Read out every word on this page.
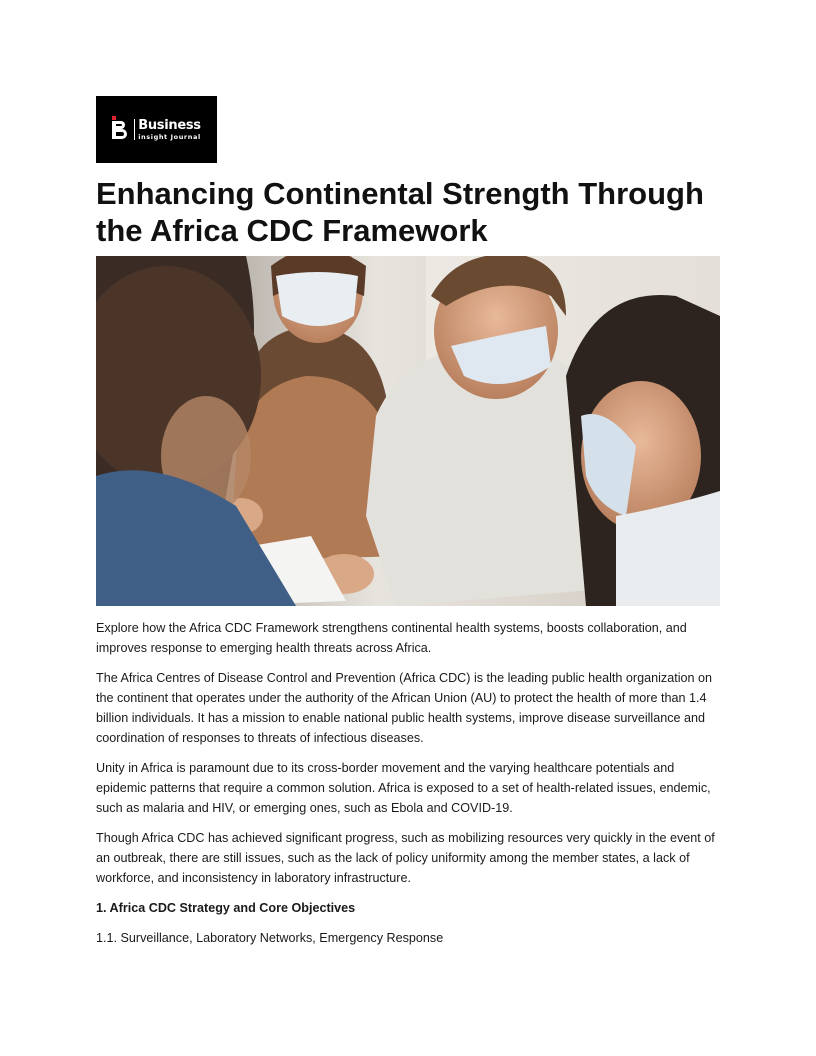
Business
insight Journal
Enhancing Continental Strength Through the Africa CDC Framework

Explore how the Africa CDC Framework strengthens continental health systems, boosts collaboration, and improves response to emerging health threats across Africa.

The Africa Centres of Disease Control and Prevention (Africa CDC) is the leading public health organization on the continent that operates under the authority of the African Union (AU) to protect the health of more than 1.4 billion individuals. It has a mission to enable national public health systems, improve disease surveillance and coordination of responses to threats of infectious diseases.

Unity in Africa is paramount due to its cross-border movement and the varying healthcare potentials and epidemic patterns that require a common solution. Africa is exposed to a set of health-related issues, endemic, such as malaria and HIV, or emerging ones, such as Ebola and COVID-19.

Though Africa CDC has achieved significant progress, such as mobilizing resources very quickly in the event of an outbreak, there are still issues, such as the lack of policy uniformity among the member states, a lack of workforce, and inconsistency in laboratory infrastructure.

1. Africa CDC Strategy and Core Objectives
1.1. Surveillance, Laboratory Networks, Emergency Response
